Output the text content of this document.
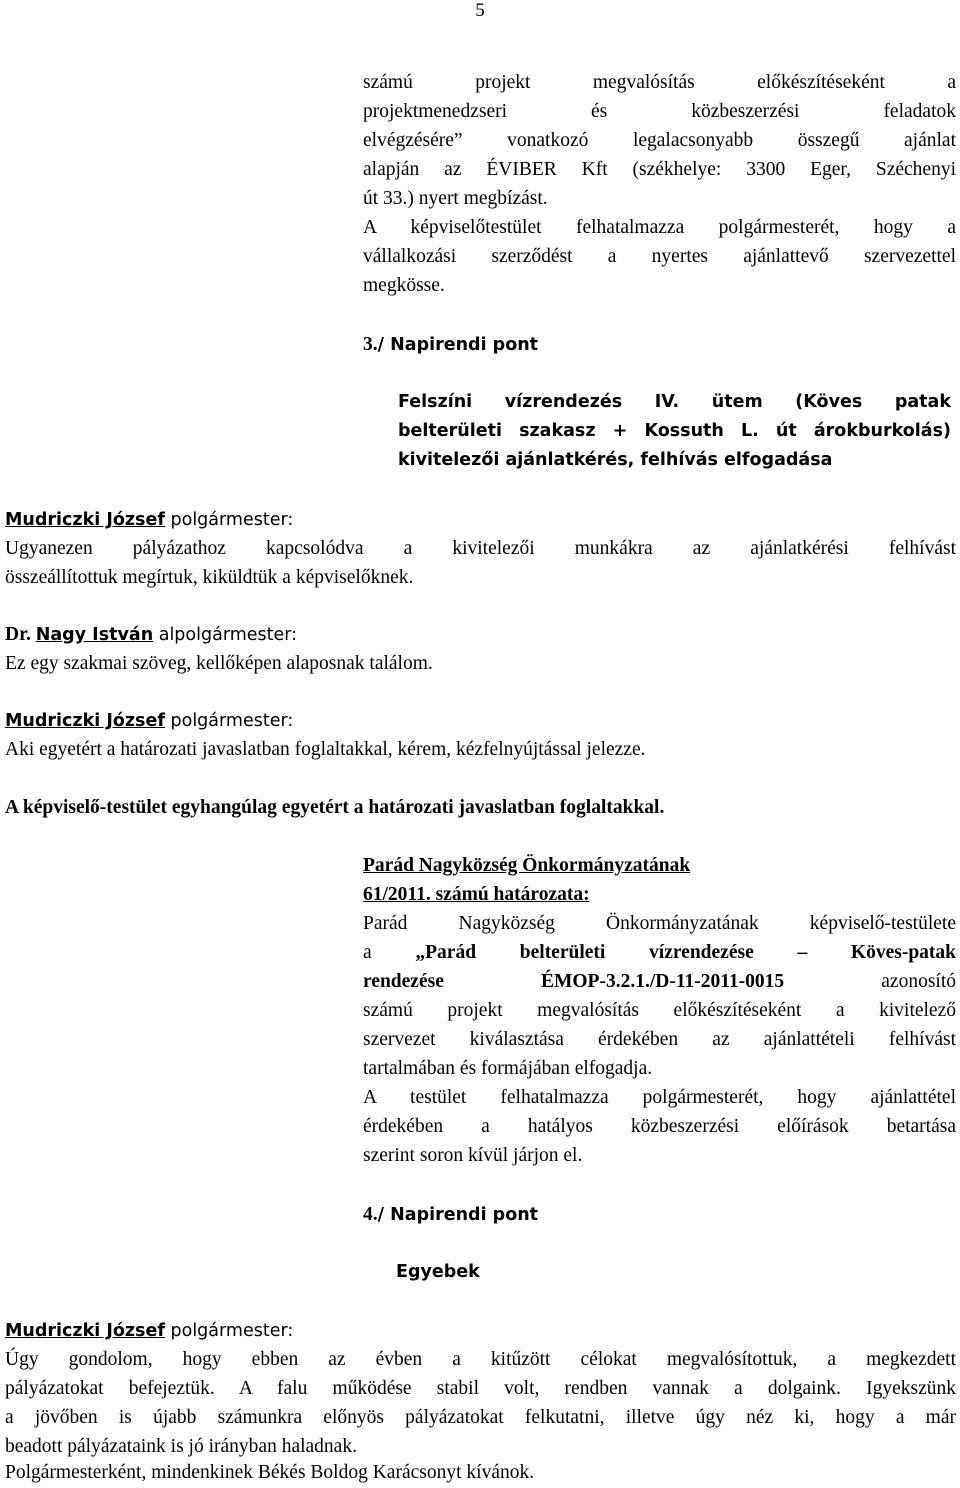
5
számú projekt megvalósítás előkészítéseként a
projektmenedzseri és közbeszerzési feladatok
elvégzésére” vonatkozó legalacsonyabb összegű ajánlat
alapján az ÉVIBER Kft (székhelye: 3300 Eger, Széchenyi
út 33.) nyert megbízást.
A képviselőtestület felhatalmazza polgármesterét, hogy a
vállalkozási szerződést a nyertes ajánlattevő szervezettel
megkösse.
3./ Napirendi pont
Felszíni vízrendezés IV. ütem (Köves patak
belterületi szakasz + Kossuth L. út árokburkolás)
kivitelezői ajánlatkérés, felhívás elfogadása
Mudriczki József polgármester:
Ugyanezen pályázathoz kapcsolódva a kivitelezői munkákra az ajánlatkérési felhívást
összeállítottuk megírtuk, kiküldtük a képviselőknek.
Dr. Nagy István alpolgármester:
Ez egy szakmai szöveg, kellőképen alaposnak találom.
Mudriczki József polgármester:
Aki egyetért a határozati javaslatban foglaltakkal, kérem, kézfelnyújtással jelezze.
A képviselő-testület egyhangúlag egyetért a határozati javaslatban foglaltakkal.
Parád Nagyközség Önkormányzatának
61/2011. számú határozata:
Parád Nagyközség Önkormányzatának képviselő-testülete
a „Parád belterületi vízrendezése – Köves-patak
rendezése ÉMOP-3.2.1./D-11-2011-0015 azonosító
számú projekt megvalósítás előkészítéseként a kivitelező
szervezet kiválasztása érdekében az ajánlattételi felhívást
tartalmában és formájában elfogadja.
A testület felhatalmazza polgármesterét, hogy ajánlattétel
érdekében a hatályos közbeszerzési előírások betartása
szerint soron kívül járjon el.
4./ Napirendi pont
Egyebek
Mudriczki József polgármester:
Úgy gondolom, hogy ebben az évben a kitűzött célokat megvalósítottuk, a megkezdett
pályázatokat befejeztük. A falu működése stabil volt, rendben vannak a dolgaink. Igyekszünk
a jövőben is újabb számunkra előnyös pályázatokat felkutatni, illetve úgy néz ki, hogy a már
beadott pályázataink is jó irányban haladnak.
Polgármesterként, mindenkinek Békés Boldog Karácsonyt kívánok.
